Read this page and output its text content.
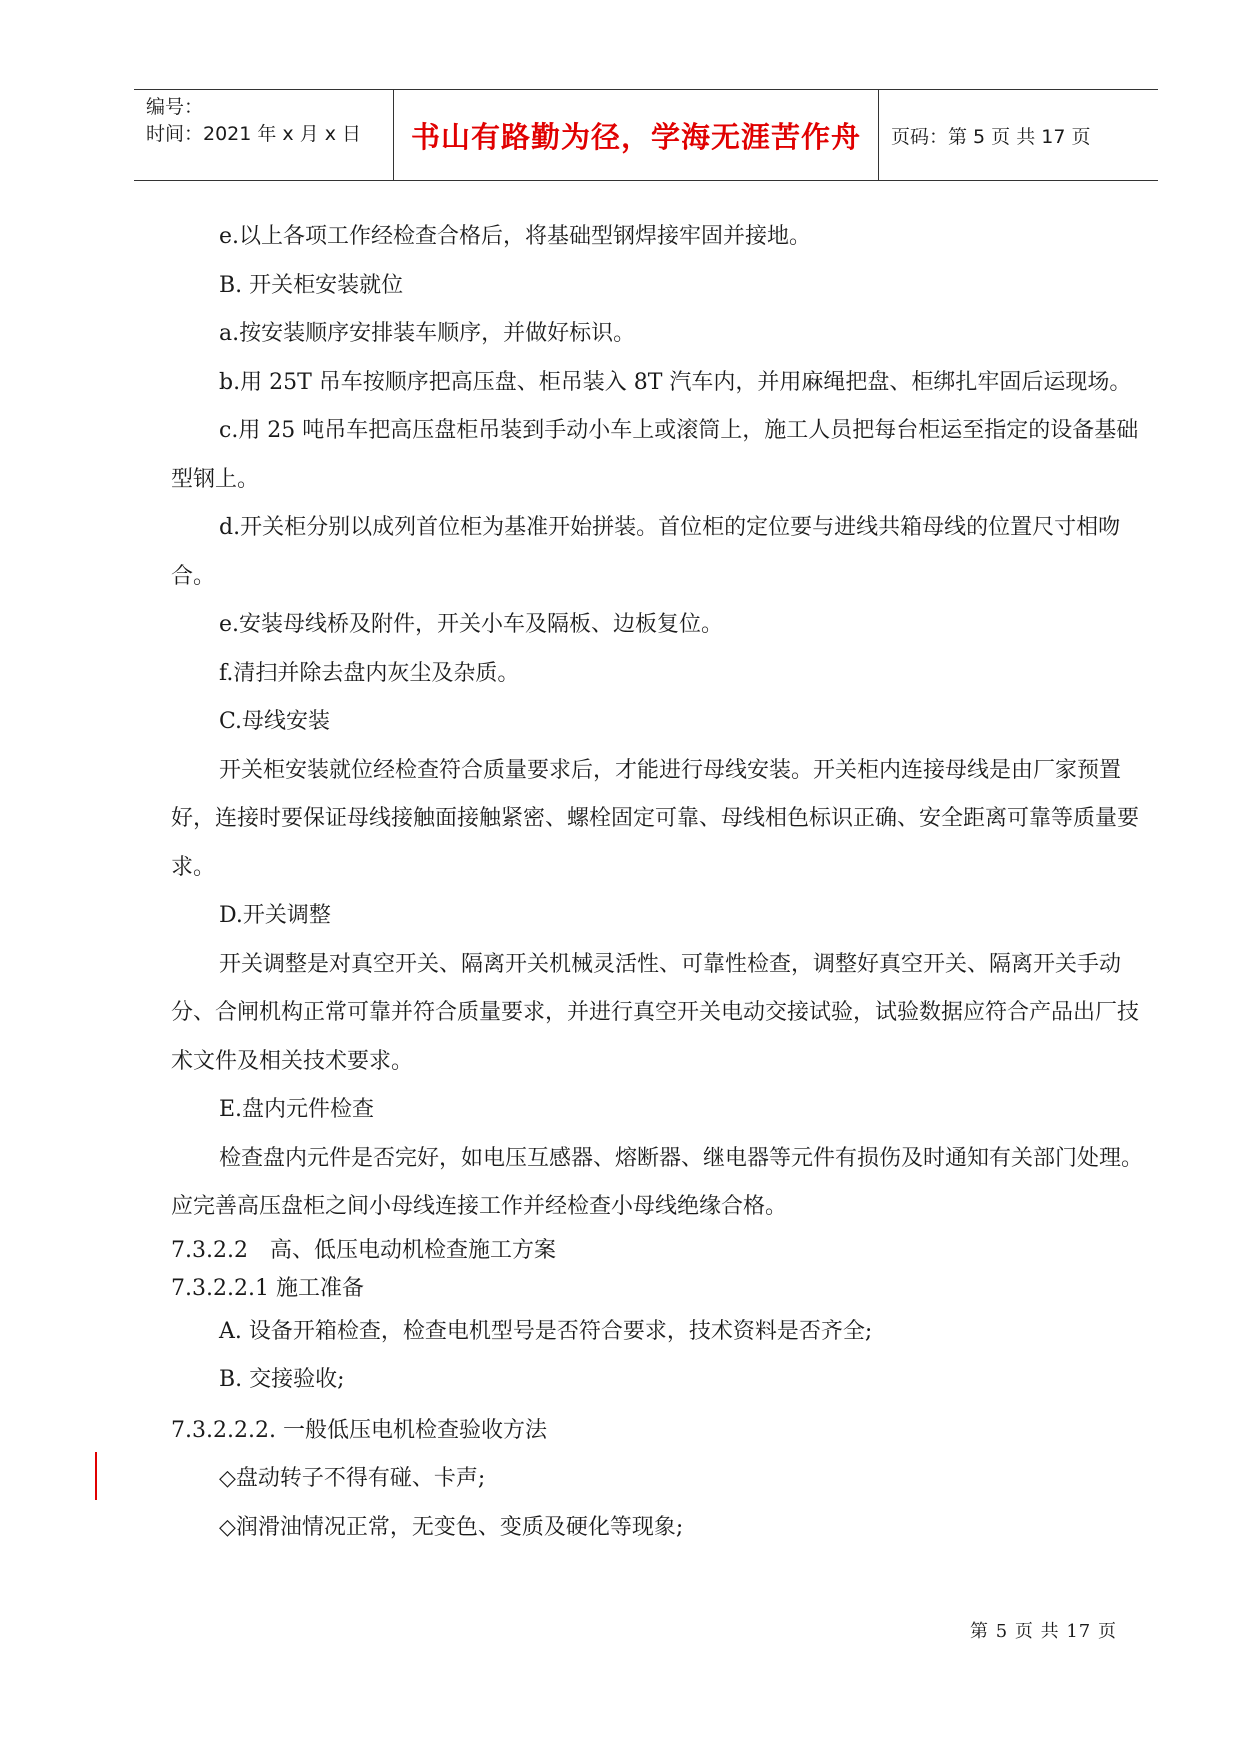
编号：
时间：2021 年 x 月 x 日	书山有路勤为径，学海无涯苦作舟	页码：第 5 页 共 17 页

e.以上各项工作经检查合格后，将基础型钢焊接牢固并接地。

B. 开关柜安装就位

a.按安装顺序安排装车顺序，并做好标识。

b.用 25T 吊车按顺序把高压盘、柜吊装入 8T 汽车内，并用麻绳把盘、柜绑扎牢固后运现场。

c.用 25 吨吊车把高压盘柜吊装到手动小车上或滚筒上，施工人员把每台柜运至指定的设备基础型钢上。

d.开关柜分别以成列首位柜为基准开始拼装。首位柜的定位要与进线共箱母线的位置尺寸相吻合。

e.安装母线桥及附件，开关小车及隔板、边板复位。

f.清扫并除去盘内灰尘及杂质。

C.母线安装

开关柜安装就位经检查符合质量要求后，才能进行母线安装。开关柜内连接母线是由厂家预置好，连接时要保证母线接触面接触紧密、螺栓固定可靠、母线相色标识正确、安全距离可靠等质量要求。

D.开关调整

开关调整是对真空开关、隔离开关机械灵活性、可靠性检查，调整好真空开关、隔离开关手动分、合闸机构正常可靠并符合质量要求，并进行真空开关电动交接试验，试验数据应符合产品出厂技术文件及相关技术要求。

E.盘内元件检查

检查盘内元件是否完好，如电压互感器、熔断器、继电器等元件有损伤及时通知有关部门处理。应完善高压盘柜之间小母线连接工作并经检查小母线绝缘合格。

7.3.2.2　高、低压电动机检查施工方案

7.3.2.2.1 施工准备

A. 设备开箱检查，检查电机型号是否符合要求，技术资料是否齐全;

B. 交接验收;

7.3.2.2.2. 一般低压电机检查验收方法

◇盘动转子不得有碰、卡声;

◇润滑油情况正常，无变色、变质及硬化等现象;

第 5 页 共 17 页
